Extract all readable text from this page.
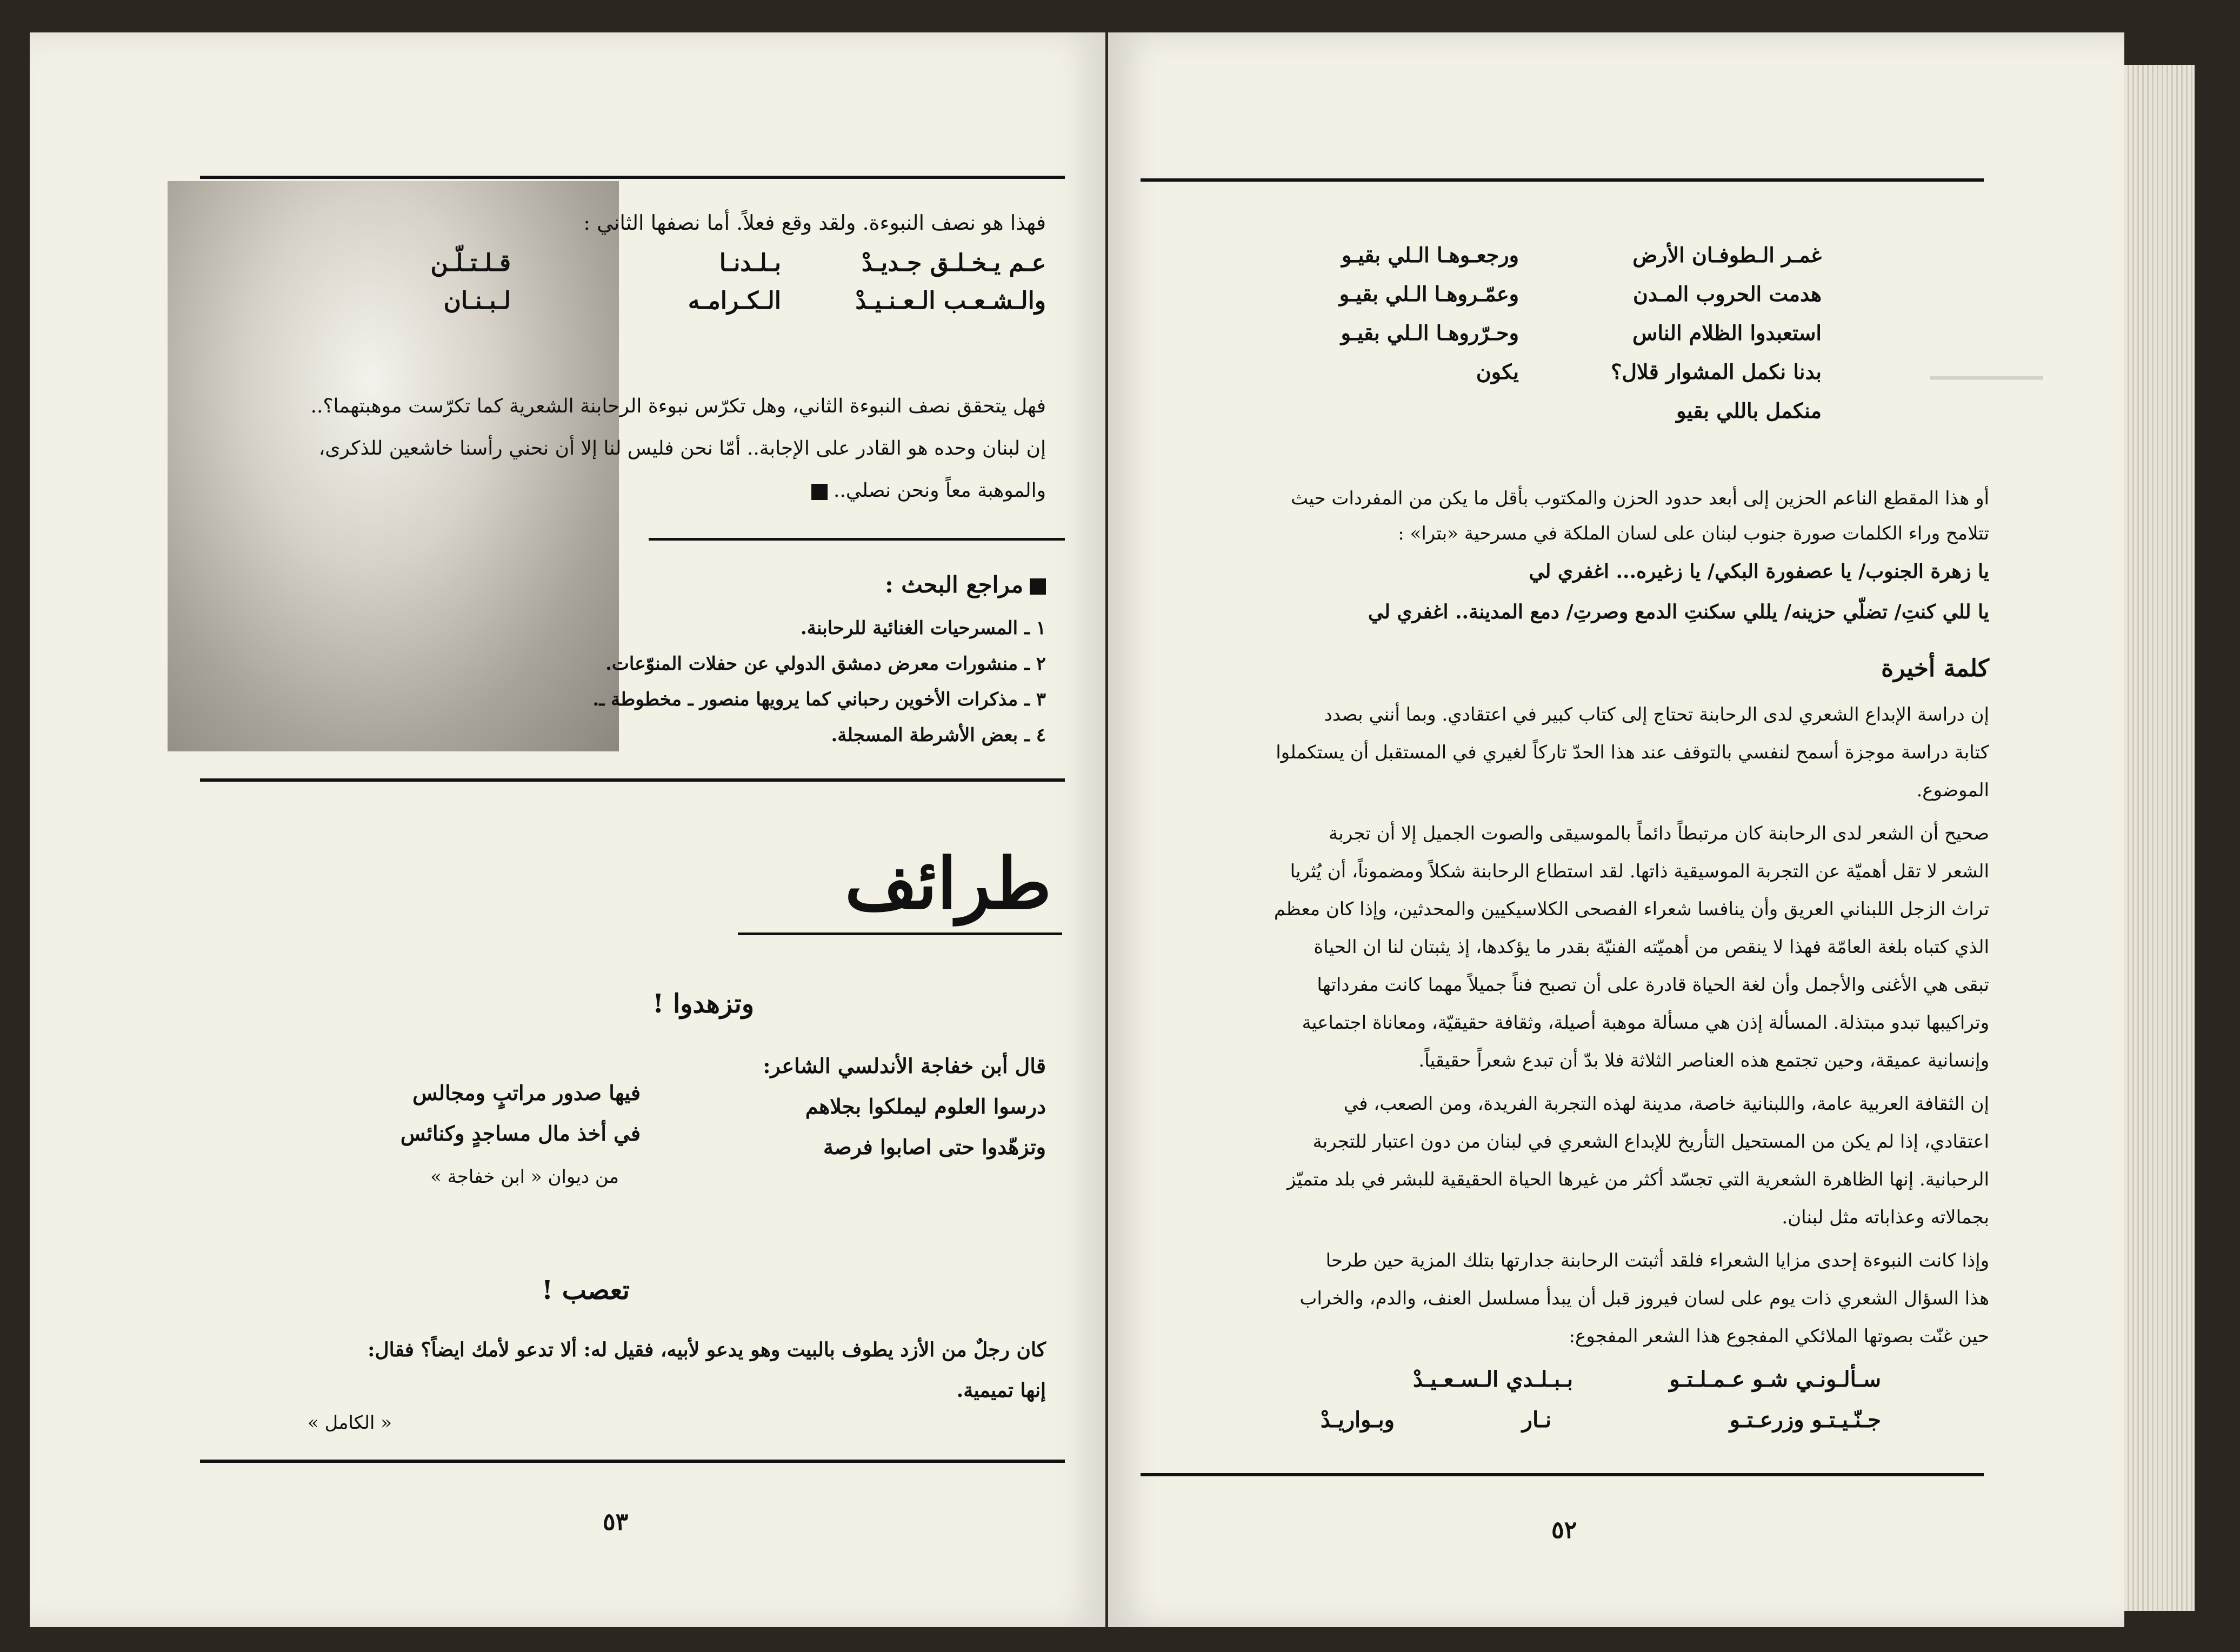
فهذا هو نصف النبوءة. ولقد وقع فعلاً. أما نصفها الثاني :
عـم يـخـلـق جـديـدْ
بـلـدنـا
قـلـتـلّـن
والـشـعـب الـعـنـيـدْ
الـكـرامـه
لـبـنـان
فهل يتحقق نصف النبوءة الثاني، وهل تكرّس نبوءة الرحابنة الشعرية كما تكرّست موهبتهما؟..
إن لبنان وحده هو القادر على الإجابة.. أمّا نحن فليس لنا إلا أن نحني رأسنا خاشعين للذكرى،
والموهبة معاً ونحن نصلي..
مراجع البحث :
١ ـ المسرحيات الغنائية للرحابنة.
٢ ـ منشورات معرض دمشق الدولي عن حفلات المنوّعات.
٣ ـ مذكرات الأخوين رحباني كما يرويها منصور ـ مخطوطة ـ.
٤ ـ بعض الأشرطة المسجلة.
طرائف
وتزهدوا !
قال أبن خفاجة الأندلسي الشاعر:
درسوا العلوم ليملكوا بجلاهم
فيها صدور مراتبٍ ومجالس
وتزهّدوا حتى اصابوا فرصة
في أخذ مال مساجدٍ وكنائس
من ديوان « ابن خفاجة »
تعصب !
كان رجلٌ من الأزد يطوف بالبيت وهو يدعو لأبيه، فقيل له: ألا تدعو لأمك ايضاً؟ فقال:
إنها تميمية.
« الكامل »
٥٣
______
غمـر الـطوفـان الأرض
ورجعـوهـا الـلي بقيـو
هدمت الحروب المـدن
وعمّـروهـا الـلي بقيـو
استعبدوا الظلام الناس
وحـرّروهـا الـلي بقيـو
بدنا نكمل المشوار قلال؟
يكون
منكمل باللي بقيو
أو هذا المقطع الناعم الحزين إلى أبعد حدود الحزن والمكتوب بأقل ما يكن من المفردات حيث
تتلامح وراء الكلمات صورة جنوب لبنان على لسان الملكة في مسرحية «بترا» :
يا زهرة الجنوب/ يا عصفورة البكي/ يا زغيره... اغفري لي
يا للي كنتِ/ تضلّي حزينه/ يللي سكنتِ الدمع وصرتِ/ دمع المدينة.. اغفري لي
كلمة أخيرة
إن دراسة الإبداع الشعري لدى الرحابنة تحتاج إلى كتاب كبير في اعتقادي. وبما أنني بصدد
كتابة دراسة موجزة أسمح لنفسي بالتوقف عند هذا الحدّ تاركاً لغيري في المستقبل أن يستكملوا
الموضوع.
صحيح أن الشعر لدى الرحابنة كان مرتبطاً دائماً بالموسيقى والصوت الجميل إلا أن تجربة
الشعر لا تقل أهميّة عن التجربة الموسيقية ذاتها. لقد استطاع الرحابنة شكلاً ومضموناً، أن يُثريا
تراث الزجل اللبناني العريق وأن ينافسا شعراء الفصحى الكلاسيكيين والمحدثين، وإذا كان معظم
الذي كتباه بلغة العامّة فهذا لا ينقص من أهميّته الفنيّة بقدر ما يؤكدها، إذ يثبتان لنا ان الحياة
تبقى هي الأغنى والأجمل وأن لغة الحياة قادرة على أن تصبح فناً جميلاً مهما كانت مفرداتها
وتراكيبها تبدو مبتذلة. المسألة إذن هي مسألة موهبة أصيلة، وثقافة حقيقيّة، ومعاناة اجتماعية
وإنسانية عميقة، وحين تجتمع هذه العناصر الثلاثة فلا بدّ أن تبدع شعراً حقيقياً.
إن الثقافة العربية عامة، واللبنانية خاصة، مدينة لهذه التجربة الفريدة، ومن الصعب، في
اعتقادي، إذا لم يكن من المستحيل التأريخ للإبداع الشعري في لبنان من دون اعتبار للتجربة
الرحبانية. إنها الظاهرة الشعرية التي تجسّد أكثر من غيرها الحياة الحقيقية للبشر في بلد متميّز
بجمالاته وعذاباته مثل لبنان.
وإذا كانت النبوءة إحدى مزايا الشعراء فلقد أثبتت الرحابنة جدارتها بتلك المزية حين طرحا
هذا السؤال الشعري ذات يوم على لسان فيروز قبل أن يبدأ مسلسل العنف، والدم، والخراب
حين غنّت بصوتها الملائكي المفجوع هذا الشعر المفجوع:
سـألـونـي شـو عـمـلـتـو
بـبـلـدي الـسـعـيـدْ
جـنّـيـتـو وزرعـتـو
نـار
وبـواريـدْ
٥٢
